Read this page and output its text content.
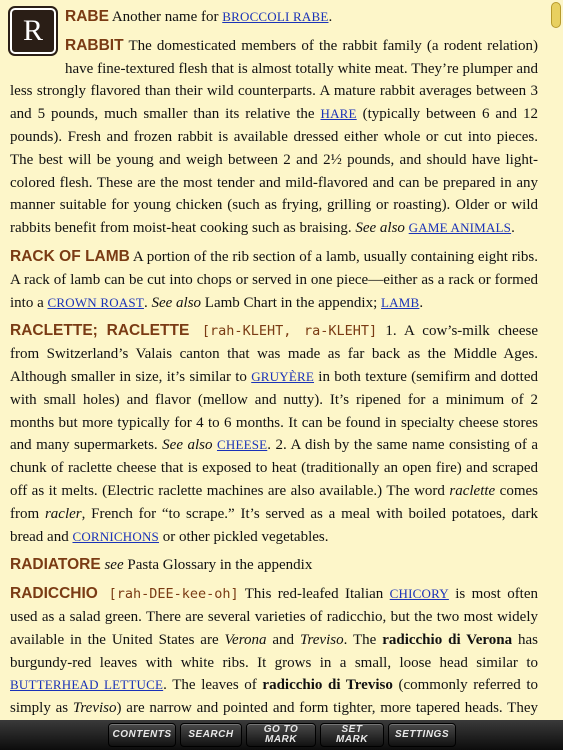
R	RABE Another name for BROCCOLI RABE.
RABBIT The domesticated members of the rabbit family (a rodent relation) have fine-textured flesh that is almost totally white meat. They’re plumper and less strongly flavored than their wild counterparts. A mature rabbit averages between 3 and 5 pounds, much smaller than its relative the HARE (typically between 6 and 12 pounds). Fresh and frozen rabbit is available dressed either whole or cut into pieces. The best will be young and weigh between 2 and 2½ pounds, and should have light-colored flesh. These are the most tender and mild-flavored and can be prepared in any manner suitable for young chicken (such as frying, grilling or roasting). Older or wild rabbits benefit from moist-heat cooking such as braising. See also GAME ANIMALS.
RACK OF LAMB A portion of the rib section of a lamb, usually containing eight ribs. A rack of lamb can be cut into chops or served in one piece—either as a rack or formed into a CROWN ROAST. See also Lamb Chart in the appendix; LAMB.
RACLETTE; RACLETTE [rah-KLEHT, ra-KLEHT] 1. A cow’s-milk cheese from Switzerland’s Valais canton that was made as far back as the Middle Ages. Although smaller in size, it’s similar to GRUYÈRE in both texture (semifirm and dotted with small holes) and flavor (mellow and nutty). It’s ripened for a minimum of 2 months but more typically for 4 to 6 months. It can be found in specialty cheese stores and many supermarkets. See also CHEESE. 2. A dish by the same name consisting of a chunk of raclette cheese that is exposed to heat (traditionally an open fire) and scraped off as it melts. (Electric raclette machines are also available.) The word raclette comes from racler, French for “to scrape.” It’s served as a meal with boiled potatoes, dark bread and CORNICHONS or other pickled vegetables.
RADIATORE see Pasta Glossary in the appendix
RADICCHIO [rah-DEE-kee-oh] This red-leafed Italian CHICORY is most often used as a salad green. There are several varieties of radicchio, but the two most widely available in the United States are Verona and Treviso. The radicchio di Verona has burgundy-red leaves with white ribs. It grows in a small, loose head similar to BUTTERHEAD LETTUCE. The leaves of radicchio di Treviso (commonly referred to simply as Treviso) are narrow and pointed and form tighter, more tapered heads. They
CONTENTS SEARCH	GO TO
MARK
SET
MARK	SETTINGS
